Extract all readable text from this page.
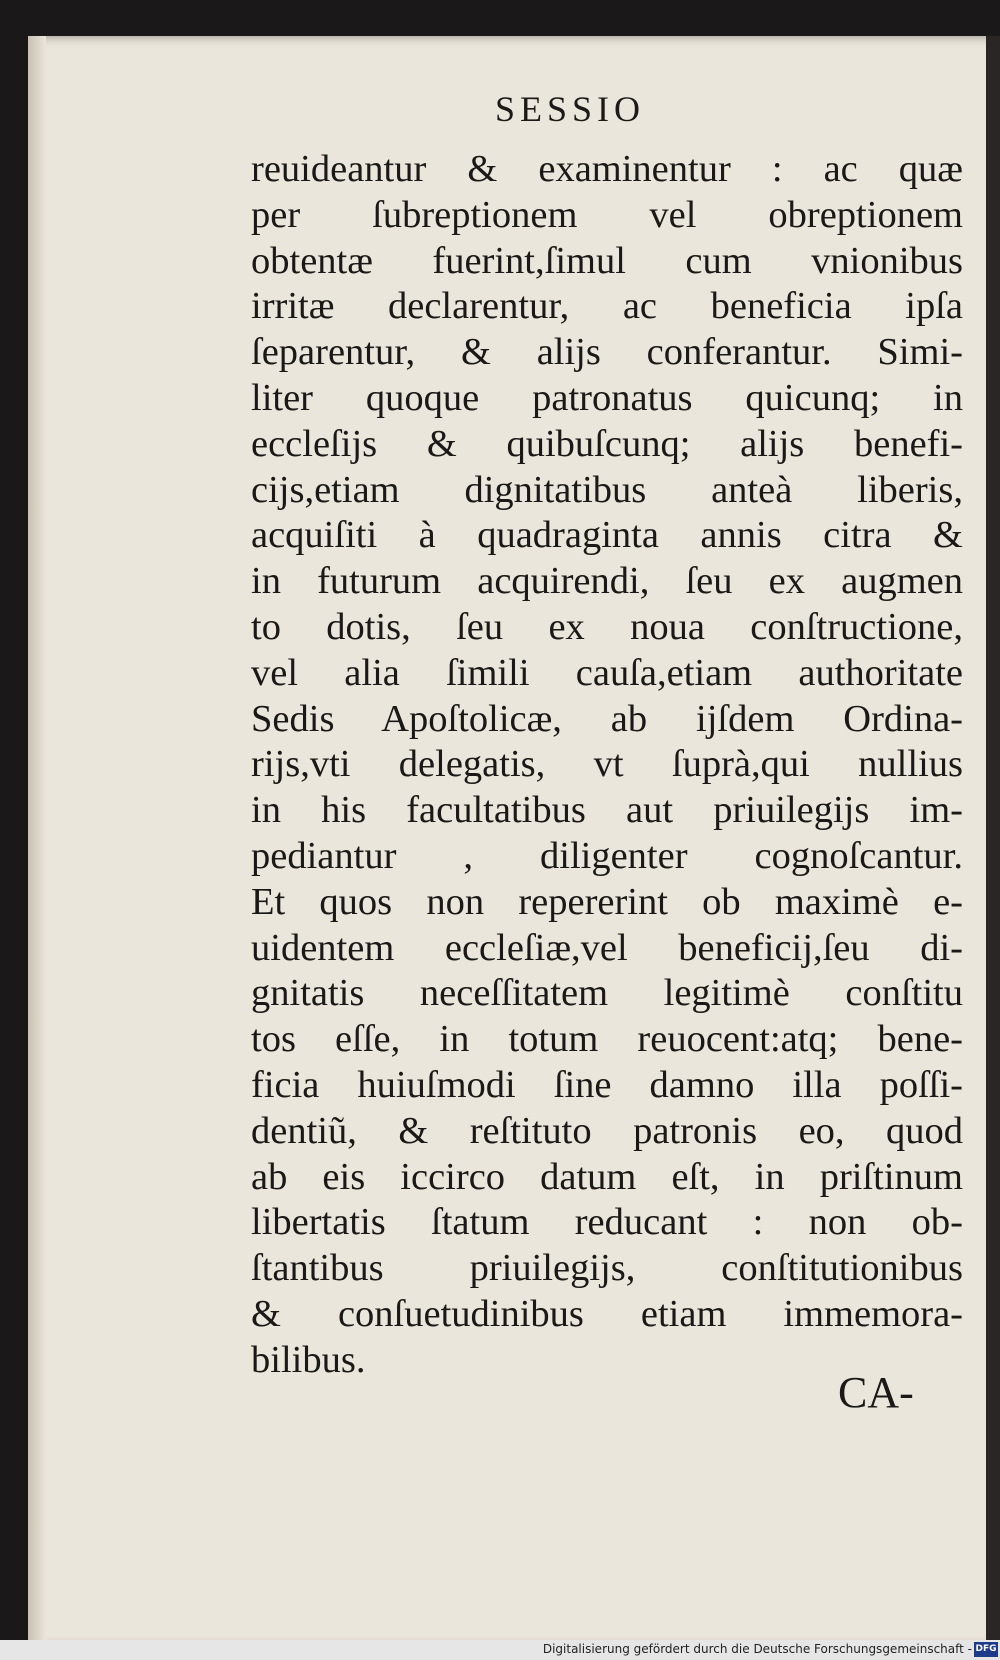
SESSIO
reuideantur & examinentur : ac quæ
per ſubreptionem vel obreptionem
obtentæ fuerint,ſimul cum vnionibus
irritæ declarentur, ac beneficia ipſa
ſeparentur, & alijs conferantur. Simi-
liter quoque patronatus quicunq; in
eccleſijs & quibuſcunq; alijs benefi-
cijs,etiam dignitatibus anteà liberis,
acquiſiti à quadraginta annis citra &
in futurum acquirendi, ſeu ex augmen
to dotis, ſeu ex noua conſtructione,
vel alia ſimili cauſa,etiam authoritate
Sedis Apoſtolicæ, ab ijſdem Ordina-
rijs,vti delegatis, vt ſuprà,qui nullius
in his facultatibus aut priuilegijs im-
pediantur , diligenter cognoſcantur.
Et quos non repererint ob maximè e-
uidentem eccleſiæ,vel beneficij,ſeu di-
gnitatis neceſſitatem legitimè conſtitu
tos eſſe, in totum reuocent:atq; bene-
ficia huiuſmodi ſine damno illa poſſi-
dentiũ, & reſtituto patronis eo, quod
ab eis iccirco datum eſt, in priſtinum
libertatis ſtatum reducant : non ob-
ſtantibus priuilegijs, conſtitutionibus
& conſuetudinibus etiam immemora-
bilibus.
CA-
Digitalisierung gefördert durch die Deutsche Forschungsgemeinschaft - DFG
